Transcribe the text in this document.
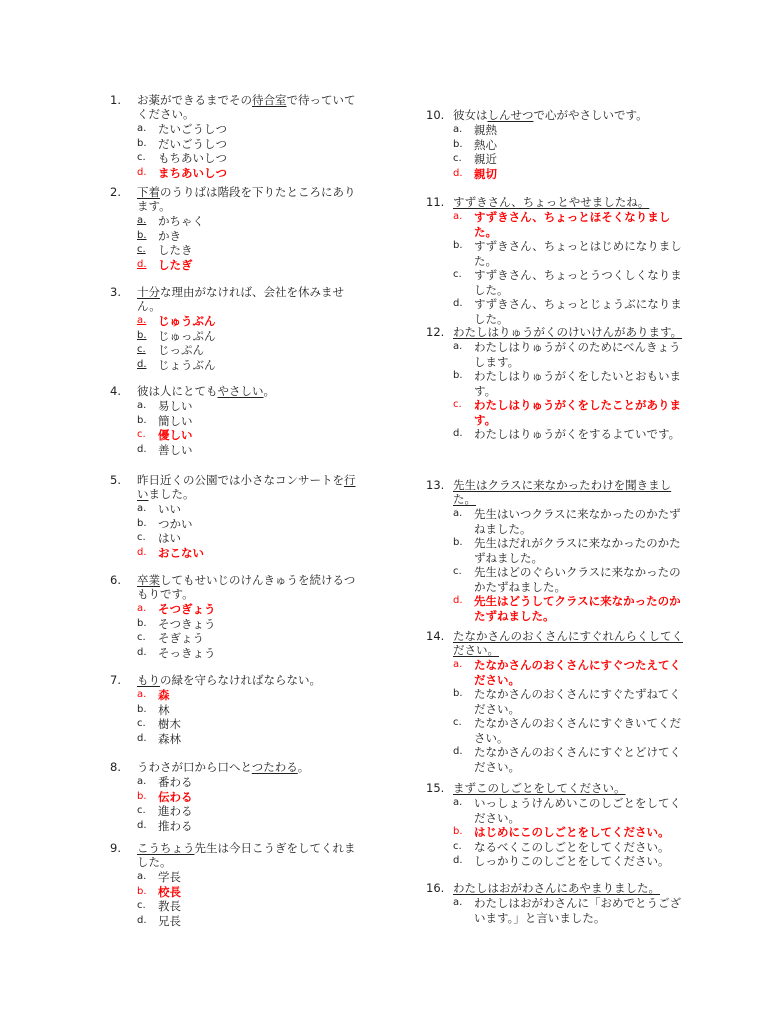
1. お薬ができるまでその待合室で待っていてください。
a.	たいごうしつ
b. だいごうしつ
c.	もちあいしつ
d. まちあいしつ
2. 下着のうりばは階段を下りたところにあります。
a.	かちゃく
b. かき
c.	したき
d. したぎ
3. 十分な理由がなければ、会社を休みません。
a.	じゅうぶん
b. じゅっぷん
c.	じっぷん
d. じょうぶん
4. 彼は人にとてもやさしい。
a.	易しい
b. 簡しい
c.	優しい
d. 善しい
5. 昨日近くの公園では小さなコンサートを行いました。
a.	いい
b. つかい
c.	はい
d. おこない
6. 卒業してもせいじのけんきゅうを続けるつもりです。
a.	そつぎょう
b. そつきょう
c.	そぎょう
d. そっきょう
7. もりの緑を守らなければならない。
a.	森
b. 林
c.	樹木
d. 森林
8. うわさが口から口へとつたわる。
a.	番わる
b. 伝わる
c.	進わる
d. 推わる
9. こうちょう先生は今日こうぎをしてくれました。
a.	学長
b. 校長
c.	教長
d. 兄長
10. 彼女はしんせつで心がやさしいです。
a.	親熱
b. 熱心
c.	親近
d. 親切
11. すずきさん、ちょっとやせましたね。
a.	すずきさん、ちょっとほそくなりました。
b. すずきさん、ちょっとはじめになりました。
c.	すずきさん、ちょっとうつくしくなりました。
d. すずきさん、ちょっとじょうぶになりました。
12. わたしはりゅうがくのけいけんがあります。
a.	わたしはりゅうがくのためにべんきょうします。
b. わたしはりゅうがくをしたいとおもいます。
c.	わたしはりゅうがくをしたことがあります。
d. わたしはりゅうがくをするよていです。
13. 先生はクラスに来なかったわけを聞きました。
a.	先生はいつクラスに来なかったのかたずねました。
b. 先生はだれがクラスに来なかったのかたずねました。
c.	先生はどのぐらいクラスに来なかったのかたずねました。
d. 先生はどうしてクラスに来なかったのかたずねました。
14. たなかさんのおくさんにすぐれんらくしてください。
a.	たなかさんのおくさんにすぐつたえてください。
b. たなかさんのおくさんにすぐたずねてください。
c.	たなかさんのおくさんにすぐきいてください。
d. たなかさんのおくさんにすぐとどけてください。
15. まずこのしごとをしてください。
a.	いっしょうけんめいこのしごとをしてください。
b. はじめにこのしごとをしてください。
c.	なるべくこのしごとをしてください。
d. しっかりこのしごとをしてください。
16. わたしはおがわさんにあやまりました。
a.	わたしはおがわさんに「おめでとうございます。」と言いました。
